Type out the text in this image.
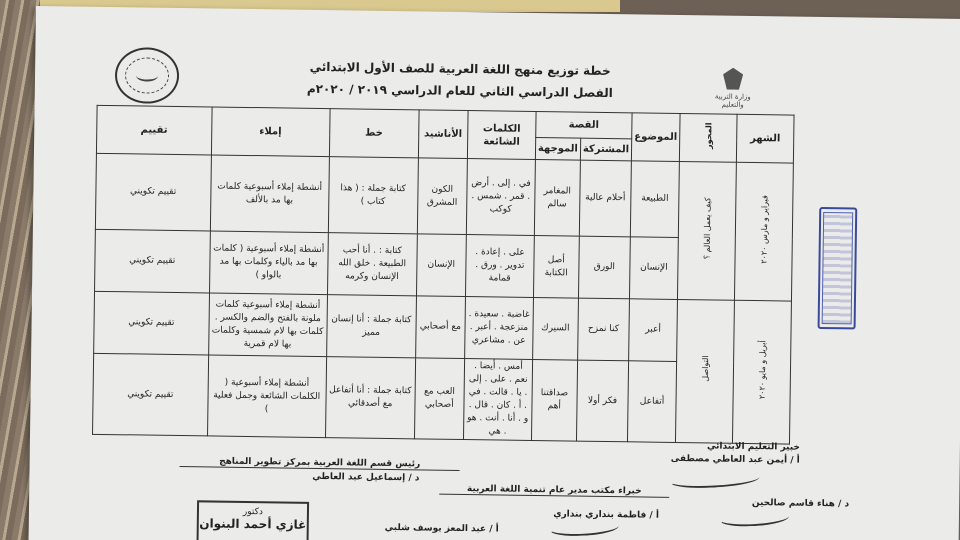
خطة توزيع منهج اللغة العربية للصف الأول الابتدائي
الفصل الدراسي الثاني للعام الدراسي ٢٠١٩ / ٢٠٢٠م	وزارة التربية والتعليم
الشهر	المحور	الموضوع	القصة		الكلمات الشائعة	الأناشيد	خط	إملاء	تقييم
			المشتركة	الموجهة					
فبراير و مارس ٢٠٢٠	كيف يعمل العالم ؟	الطبيعة	أحلام عالية	المغامر سالم	في . إلى . أرض . قمر . شمس . كوكب	الكون المشرق	كتابة جملة : ( هذا كتاب )	أنشطة إملاء أسبوعية كلمات بها مد بالألف	تقييم تكويني
		الإنسان	الورق	أصل الكتابة	على . إعادة . تدوير . ورق . قمامة	الإنسان	كتابة : . أنا أحب الطبيعة . خلق الله الإنسان وكرمه	أنشطة إملاء أسبوعية ( كلمات بها مد بالياء وكلمات بها مد بالواو )	تقييم تكويني
أبريل و مايو ٢٠٢٠	التواصل	أعبر	كنا نمزح	السيرك	غاضبة . سعيدة . منزعجة . أعبر . عن . مشاعري	مع أصحابي	كتابة جملة : أنا إنسان مميز	أنشطة إملاء أسبوعية كلمات ملونة بالفتح والضم والكسر . كلمات بها لام شمسية وكلمات بها لام قمرية	تقييم تكويني
		أتفاعل	فكر أولا	صداقتنا أهم	أمس . أيضا . نعم . على . إلى . يا . قالت . في . أ . كان . قال . و . أنا . أنت . هو . هي	العب مع أصحابي	كتابة جملة : أنا أتفاعل مع أصدقائي	أنشطة إملاء أسبوعية ( الكلمات الشائعة وجمل فعلية )	تقييم تكويني
خبير التعليم الابتدائي
أ / أيمن عبد العاطي مصطفى
رئيس قسم اللغة العربية بمركز تطوير المناهج
د / إسماعيل عبد العاطي
خبراء مكتب مدير عام تنمية اللغة العربية
د / هناء قاسم صالحين
أ / فاطمة بنداري بنداري
أ / عبد المعز يوسف شلبي
دكتور
غازي أحمد البنوان
